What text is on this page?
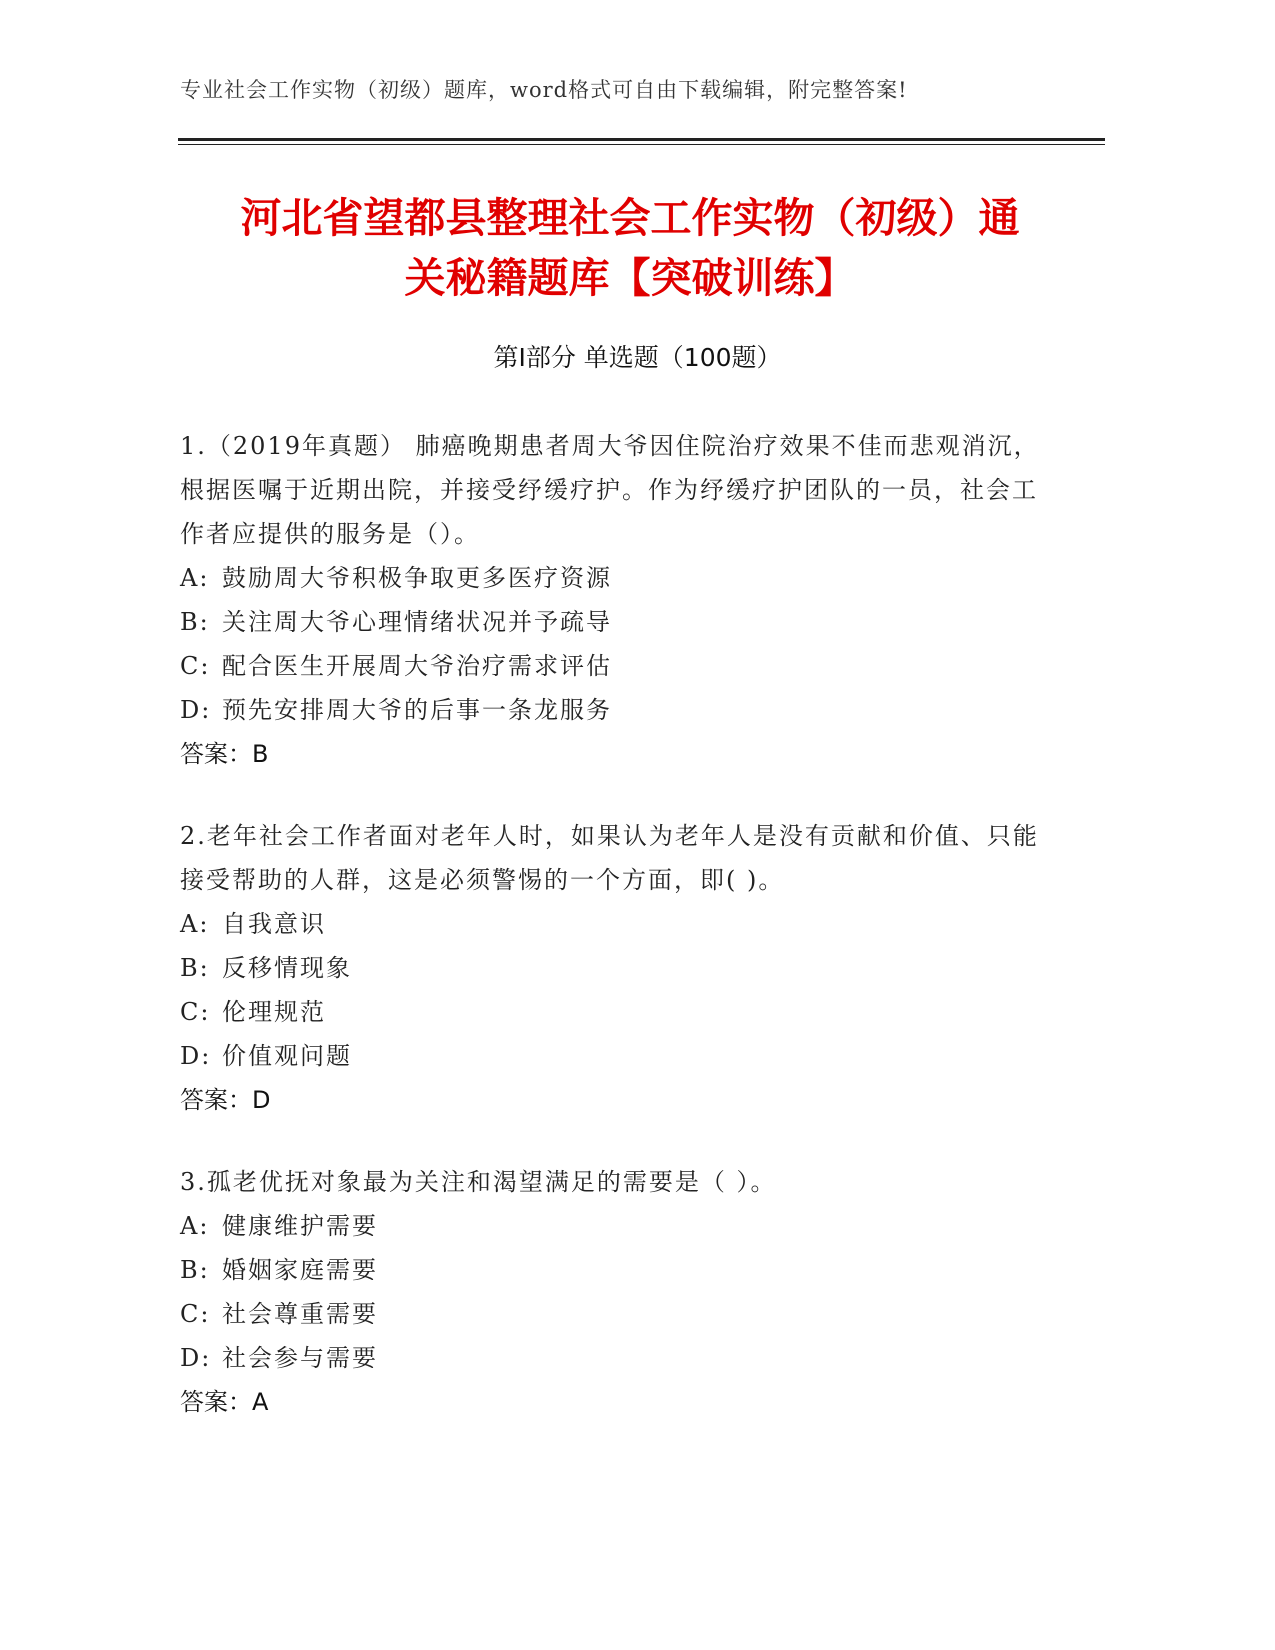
专业社会工作实物（初级）题库，word格式可自由下载编辑，附完整答案!
河北省望都县整理社会工作实物（初级）通
关秘籍题库【突破训练】
第Ⅰ部分 单选题（100题）

1.（2019年真题） 肺癌晚期患者周大爷因住院治疗效果不佳而悲观消沉，根据医嘱于近期出院，并接受纾缓疗护。作为纾缓疗护团队的一员，社会工作者应提供的服务是（）。

A: 鼓励周大爷积极争取更多医疗资源
B: 关注周大爷心理情绪状况并予疏导
C: 配合医生开展周大爷治疗需求评估
D: 预先安排周大爷的后事一条龙服务
答案：B

2.老年社会工作者面对老年人时，如果认为老年人是没有贡献和价值、只能接受帮助的人群，这是必须警惕的一个方面，即( )。

A: 自我意识
B: 反移情现象
C: 伦理规范
D: 价值观问题
答案：D

3.孤老优抚对象最为关注和渴望满足的需要是（ ）。

A: 健康维护需要
B: 婚姻家庭需要
C: 社会尊重需要
D: 社会参与需要
答案：A
